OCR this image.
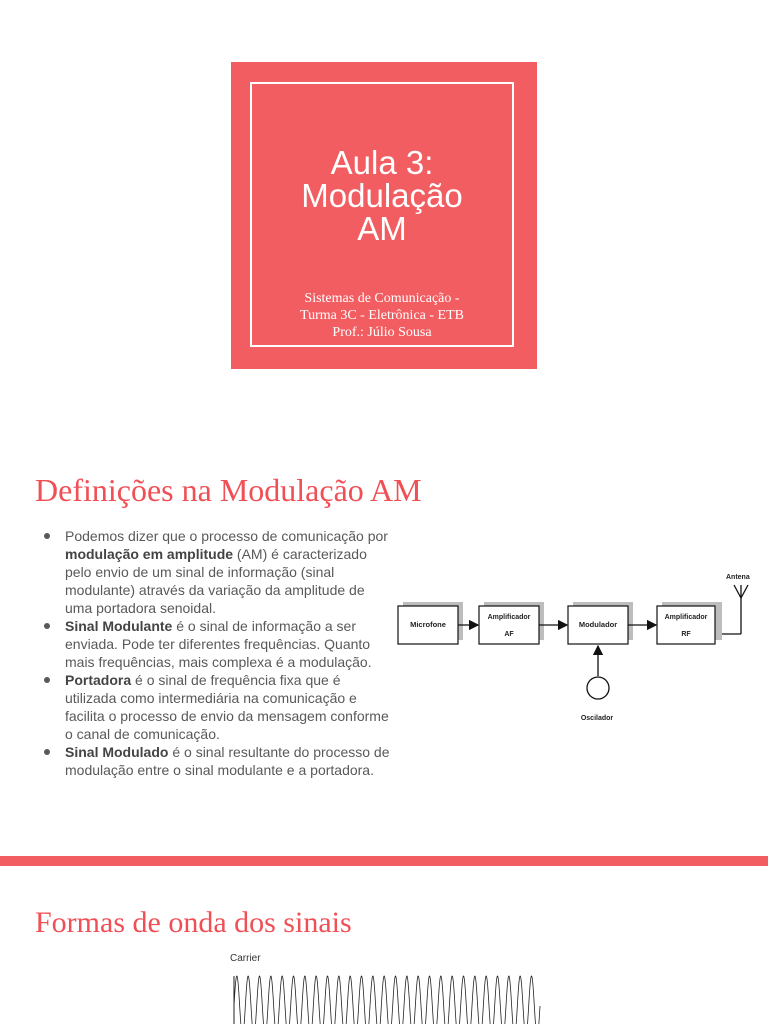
Aula 3:
Modulação
AM
Sistemas de Comunicação -
Turma 3C - Eletrônica - ETB
Prof.: Júlio Sousa
Definições na Modulação AM
Podemos dizer que o processo de comunicação por modulação em amplitude (AM) é caracterizado pelo envio de um sinal de informação (sinal modulante) através da variação da amplitude de uma portadora senoidal.
Sinal Modulante é o sinal de informação a ser enviada. Pode ter diferentes frequências. Quanto mais frequências, mais complexa é a modulação.
Portadora é o sinal de frequência fixa que é utilizada como intermediária na comunicação e facilita o processo de envio da mensagem conforme o canal de comunicação.
Sinal Modulado é o sinal resultante do processo de modulação entre o sinal modulante e a portadora.
Antena
Microfone
Amplificador
AF
Modulador
Amplificador
RF
Oscilador
Formas de onda dos sinais
Carrier
